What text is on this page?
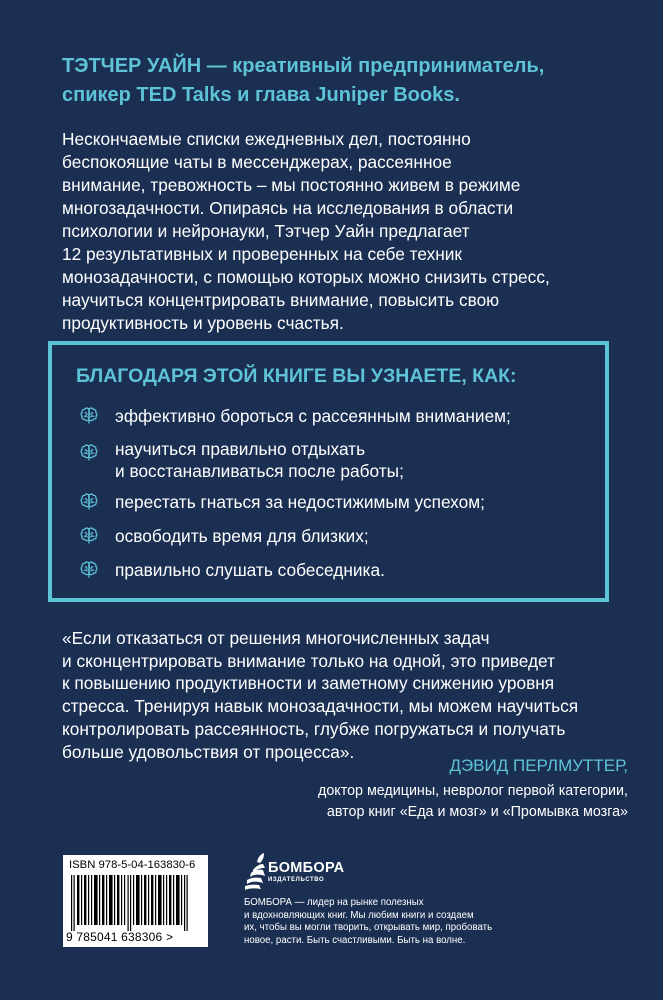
ТЭТЧЕР УАЙН — креативный предприниматель,
спикер TED Talks и глава Juniper Books.
Нескончаемые списки ежедневных дел, постоянно
беспокоящие чаты в мессенджерах, рассеянное
внимание, тревожность – мы постоянно живем в режиме
многозадачности. Опираясь на исследования в области
психологии и нейронауки, Тэтчер Уайн предлагает
12 результативных и проверенных на себе техник
монозадачности, с помощью которых можно снизить стресс,
научиться концентрировать внимание, повысить свою
продуктивность и уровень счастья.
БЛАГОДАРЯ ЭТОЙ КНИГЕ ВЫ УЗНАЕТЕ, КАК:
эффективно бороться с рассеянным вниманием;
научиться правильно отдыхать
и восстанавливаться после работы;
перестать гнаться за недостижимым успехом;
освободить время для близких;
правильно слушать собеседника.
«Если отказаться от решения многочисленных задач
и сконцентрировать внимание только на одной, это приведет
к повышению продуктивности и заметному снижению уровня
стресса. Тренируя навык монозадачности, мы можем научиться
контролировать рассеянность, глубже погружаться и получать
больше удовольствия от процесса».
ДЭВИД ПЕРЛМУТТЕР,
доктор медицины, невролог первой категории,
автор книг «Еда и мозг» и «Промывка мозга»
ISBN 978-5-04-163830-6
9 785041 638306 >
БОМБОРА
ИЗДАТЕЛЬСТВО
БОМБОРА — лидер на рынке полезных
и вдохновляющих книг. Мы любим книги и создаем
их, чтобы вы могли творить, открывать мир, пробовать
новое, расти. Быть счастливыми. Быть на волне.
